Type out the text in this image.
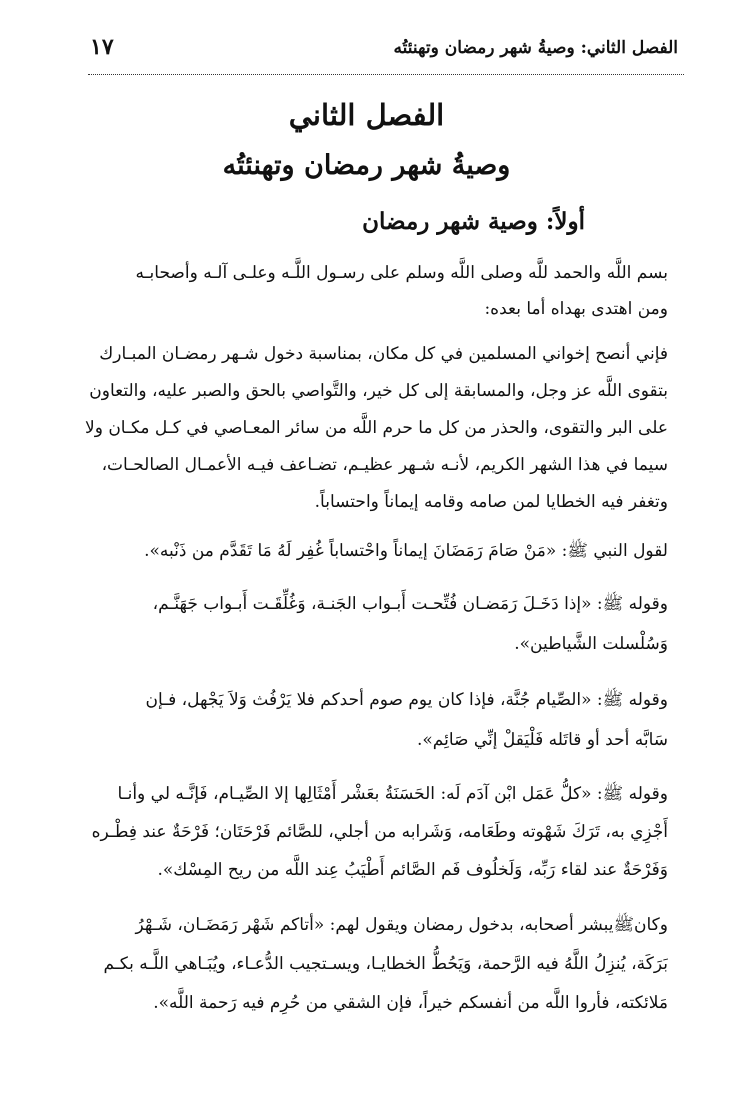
الفصل الثاني: وصيةُ شهر رمضان وتهنئتُه
١٧
الفصل الثاني
وصيةُ شهر رمضان وتهنئتُه
أولاً: وصية شهر رمضان
بسم اللَّه والحمد للَّه وصلى اللَّه وسلم على رسـول اللَّـه وعلـى آلـه وأصحابـه
ومن اهتدى بهداه أما بعده:
فإني أنصح إخواني المسلمين في كل مكان، بمناسبة دخول شـهر رمضـان المبـارك
بتقوى اللَّه عز وجل، والمسابقة إلى كل خير، والتَّواصي بالحق والصبر عليه، والتعاون
على البر والتقوى، والحذر من كل ما حرم اللَّه من سائر المعـاصي في كـل مكـان ولا
سيما في هذا الشهر الكريم، لأنـه شـهر عظيـم، تضـاعف فيـه الأعمـال الصالحـات،
وتغفر فيه الخطايا لمن صامه وقامه إيماناً واحتساباً.
لقول النبي ﷺ: «مَنْ صَامَ رَمَضَانَ إيماناً واحْتساباً غُفِر لَهُ مَا تَقَدَّم من ذَنْبه».
وقوله ﷺ: «إذا دَخَـلَ رَمَضـان فُتِّحـت أَبـواب الجَنـة، وَغُلِّقَـت أَبـواب جَهَنَّـم،
وَسُلْسلت الشَّياطين».
وقوله ﷺ: «الصِّيام جُنَّة، فإذا كان يوم صوم أحدكم فلا يَرْفُث وَلاَ يَجْهل، فـإن
سَابَّه أحد أو قاتَله فَلْيَقلْ إنِّي صَائِم».
وقوله ﷺ: «كلُّ عَمَل ابْن آدَم لَه: الحَسَنَةُ بعَشْر أَمْثَالِها إلا الصِّيـام، فَإنَّـه لي وأنـا
أَجْزِي به، تَرَكَ شَهْوته وطَعَامه، وَشَرابه من أجلي، للصَّائم فَرْحَتَان؛ فَرْحَةٌ عند فِطْـره
وَفَرْحَةٌ عند لقاء رَبِّه، وَلَخلُوف فَم الصَّائم أَطْيَبُ عِند اللَّه من ريح المِسْك».
وكانﷺيبشر أصحابه، بدخول رمضان ويقول لهم: «أتاكم شَهْر رَمَضَـان، شَـهْرُ
بَرَكَة، يُنزِلُ اللَّهُ فيه الرَّحمة، وَيَحُطُّ الخطايـا، ويسـتجيب الدُّعـاء، ويُبَـاهي اللَّـه بكـم
مَلائكته، فأروا اللَّه من أنفسكم خيراً، فإن الشقي من حُرِم فيه رَحمة اللَّه».
